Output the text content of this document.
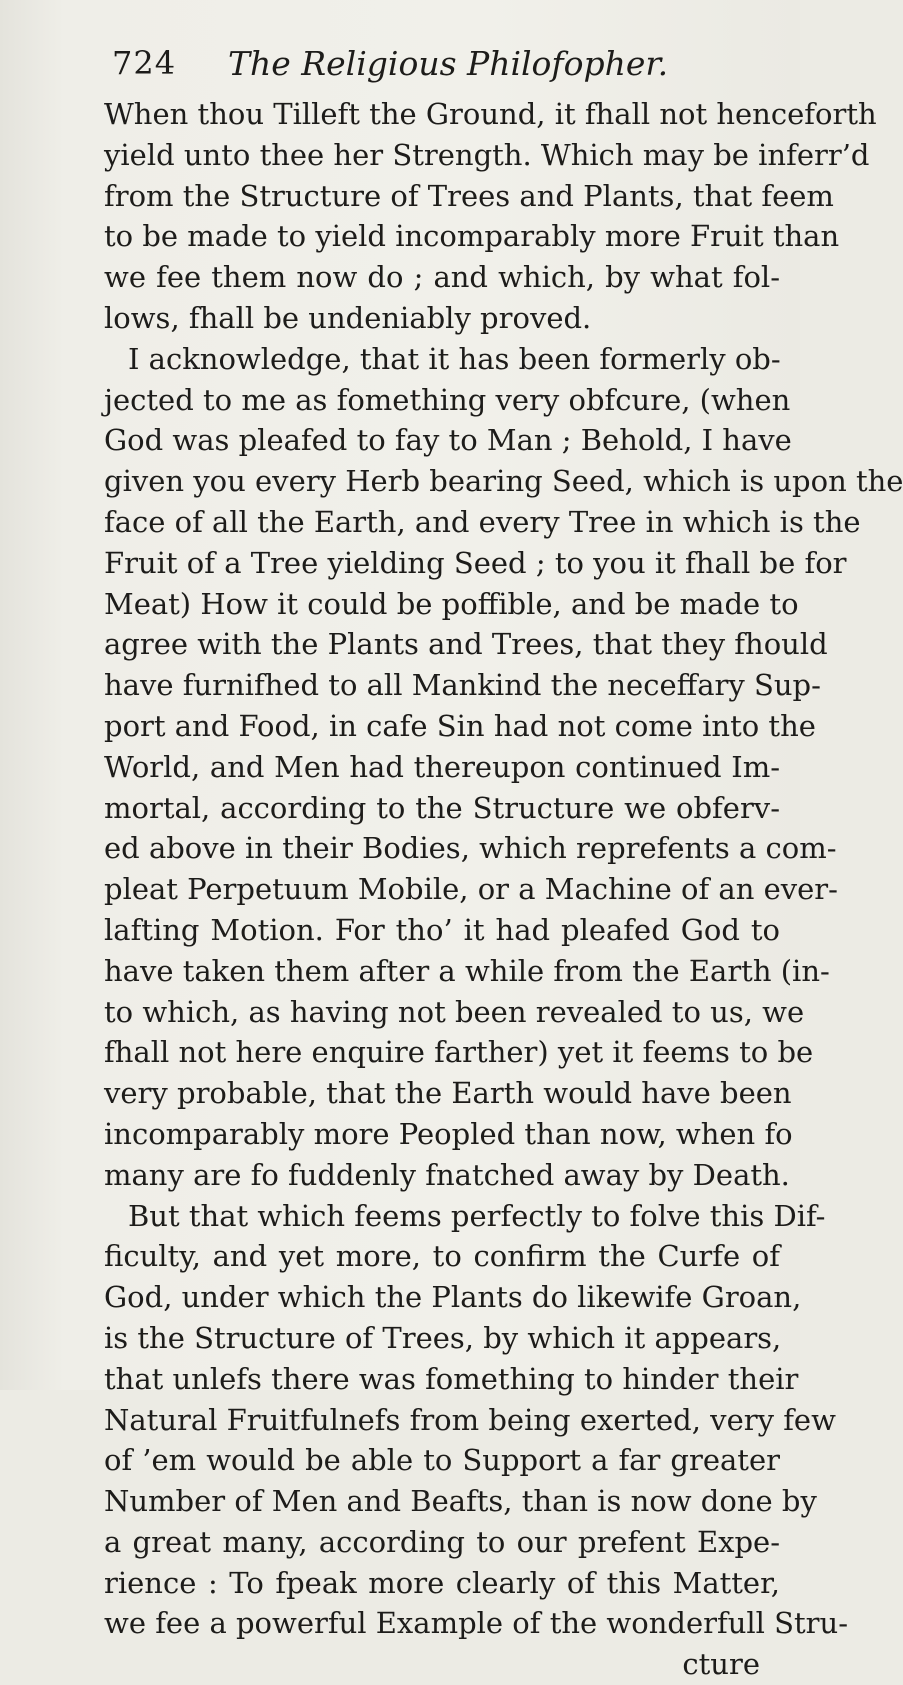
724 The Religious Philofopher.
When thou Tilleft the Ground, it fhall not henceforth
yield unto thee her Strength. Which may be inferr’d
from the Structure of Trees and Plants, that feem
to be made to yield incomparably more Fruit than
we fee them now do ; and which, by what fol-
lows, fhall be undeniably proved.
I acknowledge, that it has been formerly ob-
jected to me as fomething very obfcure, (when
God was pleafed to fay to Man ; Behold, I have
given you every Herb bearing Seed, which is upon the
face of all the Earth, and every Tree in which is the
Fruit of a Tree yielding Seed ; to you it fhall be for
Meat) How it could be poffible, and be made to
agree with the Plants and Trees, that they fhould
have furnifhed to all Mankind the neceffary Sup-
port and Food, in cafe Sin had not come into the
World, and Men had thereupon continued Im-
mortal, according to the Structure we obferv-
ed above in their Bodies, which reprefents a com-
pleat Perpetuum Mobile, or a Machine of an ever-
lafting Motion. For tho’ it had pleafed God to
have taken them after a while from the Earth (in-
to which, as having not been revealed to us, we
fhall not here enquire farther) yet it feems to be
very probable, that the Earth would have been
incomparably more Peopled than now, when fo
many are fo fuddenly fnatched away by Death.
But that which feems perfectly to folve this Dif-
ficulty, and yet more, to confirm the Curfe of
God, under which the Plants do likewife Groan,
is the Structure of Trees, by which it appears,
that unlefs there was fomething to hinder their
Natural Fruitfulnefs from being exerted, very few
of ’em would be able to Support a far greater
Number of Men and Beafts, than is now done by
a great many, according to our prefent Expe-
rience : To fpeak more clearly of this Matter,
we fee a powerful Example of the wonderfull Stru-
cture
